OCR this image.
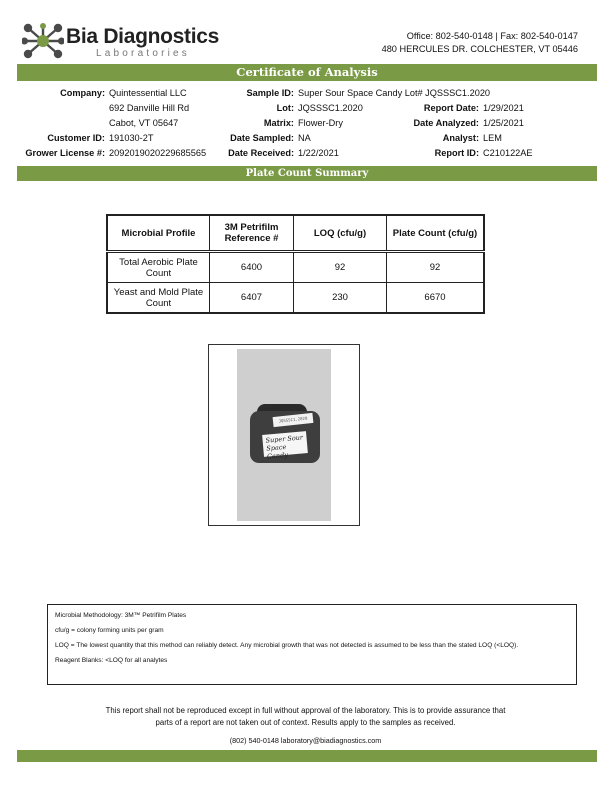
Bia Diagnostics
Laboratories
Office: 802-540-0148 | Fax: 802-540-0147
480 HERCULES DR. COLCHESTER, VT 05446
Certificate of Analysis
Company: Quintessential LLC
692 Danville Hill Rd
Cabot, VT 05647
Customer ID: 191030-2T
Grower License #: 2092019020229685565
Sample ID: Super Sour Space Candy Lot# JQSSSC1.2020
Lot: JQSSSC1.2020
Matrix: Flower-Dry
Date Sampled: NA
Date Received: 1/22/2021

Report Date: 1/29/2021
Date Analyzed: 1/25/2021
Analyst: LEM
Report ID: C210122AE
Plate Count Summary
Microbial Profile	3M Petrifilm Reference #	LOQ (cfu/g)	Plate Count (cfu/g)
Total Aerobic Plate Count	6400	92	92
Yeast and Mold Plate Count	6407	230	6670
JQSSSC1.2020
Super Sour
Space Candy

Microbial Methodology: 3M™ Petrifilm Plates

cfu/g = colony forming units per gram

LOQ = The lowest quantity that this method can reliably detect. Any microbial growth that was not detected is assumed to be less than the stated LOQ (<LOQ).

Reagent Blanks: <LOQ for all analytes

This report shall not be reproduced except in full without approval of the laboratory. This is to provide assurance that
parts of a report are not taken out of context. Results apply to the samples as received.
(802) 540-0148 laboratory@biadiagnostics.com
